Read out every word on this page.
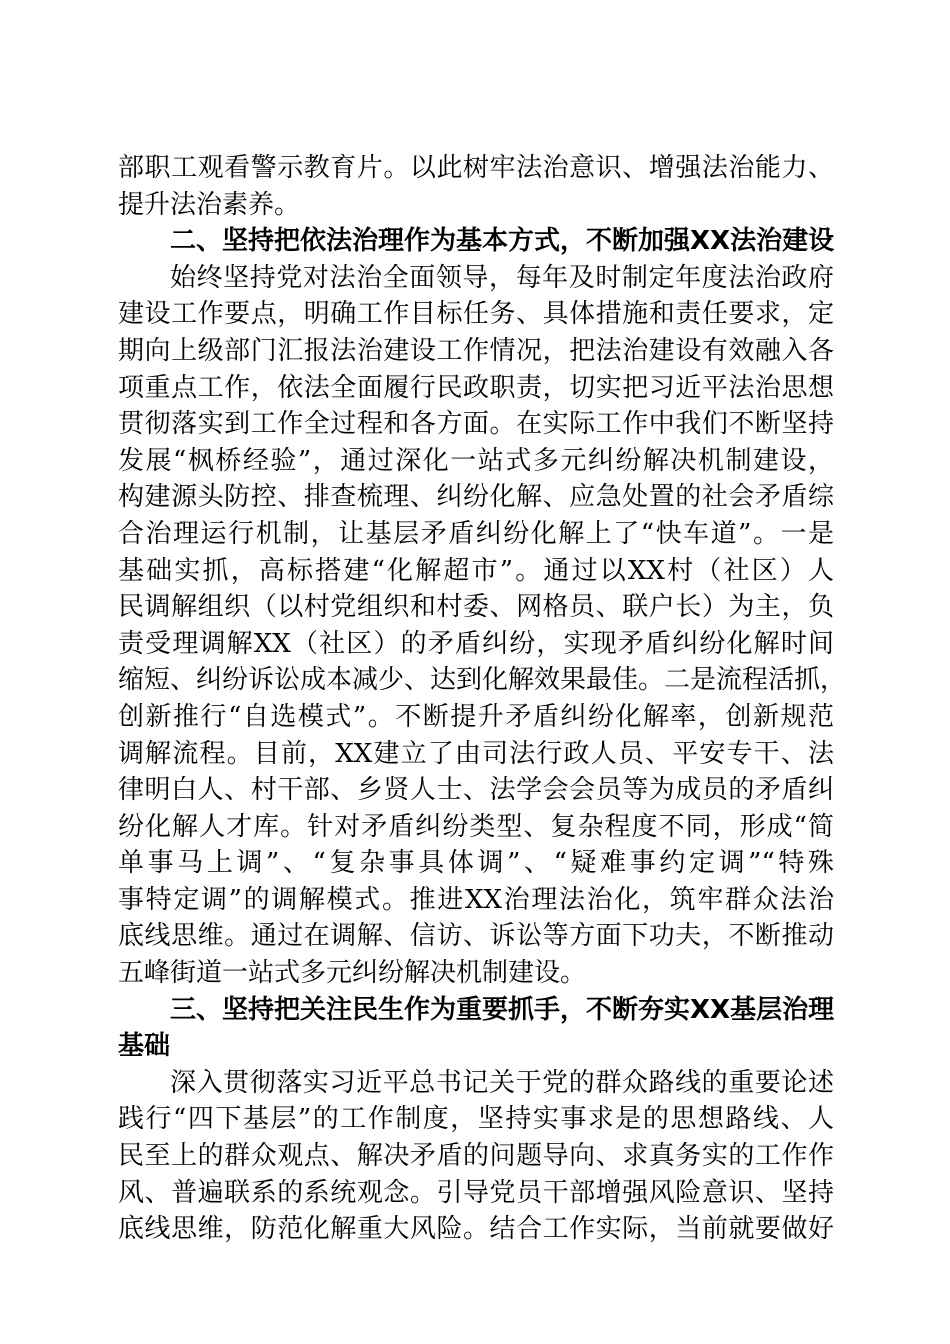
部职工观看警示教育片。以此树牢法治意识、增强法治能力、
提升法治素养。
二、坚持把依法治理作为基本方式，不断加强XX法治建设
始终坚持党对法治全面领导，每年及时制定年度法治政府
建设工作要点，明确工作目标任务、具体措施和责任要求，定
期向上级部门汇报法治建设工作情况，把法治建设有效融入各
项重点工作，依法全面履行民政职责，切实把习近平法治思想
贯彻落实到工作全过程和各方面。在实际工作中我们不断坚持
发展“枫桥经验”，通过深化一站式多元纠纷解决机制建设，
构建源头防控、排查梳理、纠纷化解、应急处置的社会矛盾综
合治理运行机制，让基层矛盾纠纷化解上了“快车道”。一是
基础实抓，高标搭建“化解超市”。通过以XX村（社区）人
民调解组织（以村党组织和村委、网格员、联户长）为主，负
责受理调解XX（社区）的矛盾纠纷，实现矛盾纠纷化解时间
缩短、纠纷诉讼成本减少、达到化解效果最佳。二是流程活抓，
创新推行“自选模式”。不断提升矛盾纠纷化解率，创新规范
调解流程。目前，XX建立了由司法行政人员、平安专干、法
律明白人、村干部、乡贤人士、法学会会员等为成员的矛盾纠
纷化解人才库。针对矛盾纠纷类型、复杂程度不同，形成“简
单事马上调”、“复杂事具体调”、“疑难事约定调”“特殊
事特定调”的调解模式。推进XX治理法治化，筑牢群众法治
底线思维。通过在调解、信访、诉讼等方面下功夫，不断推动
五峰街道一站式多元纠纷解决机制建设。
三、坚持把关注民生作为重要抓手，不断夯实XX基层治理
基础
深入贯彻落实习近平总书记关于党的群众路线的重要论述
践行“四下基层”的工作制度，坚持实事求是的思想路线、人
民至上的群众观点、解决矛盾的问题导向、求真务实的工作作
风、普遍联系的系统观念。引导党员干部增强风险意识、坚持
底线思维，防范化解重大风险。结合工作实际，当前就要做好
